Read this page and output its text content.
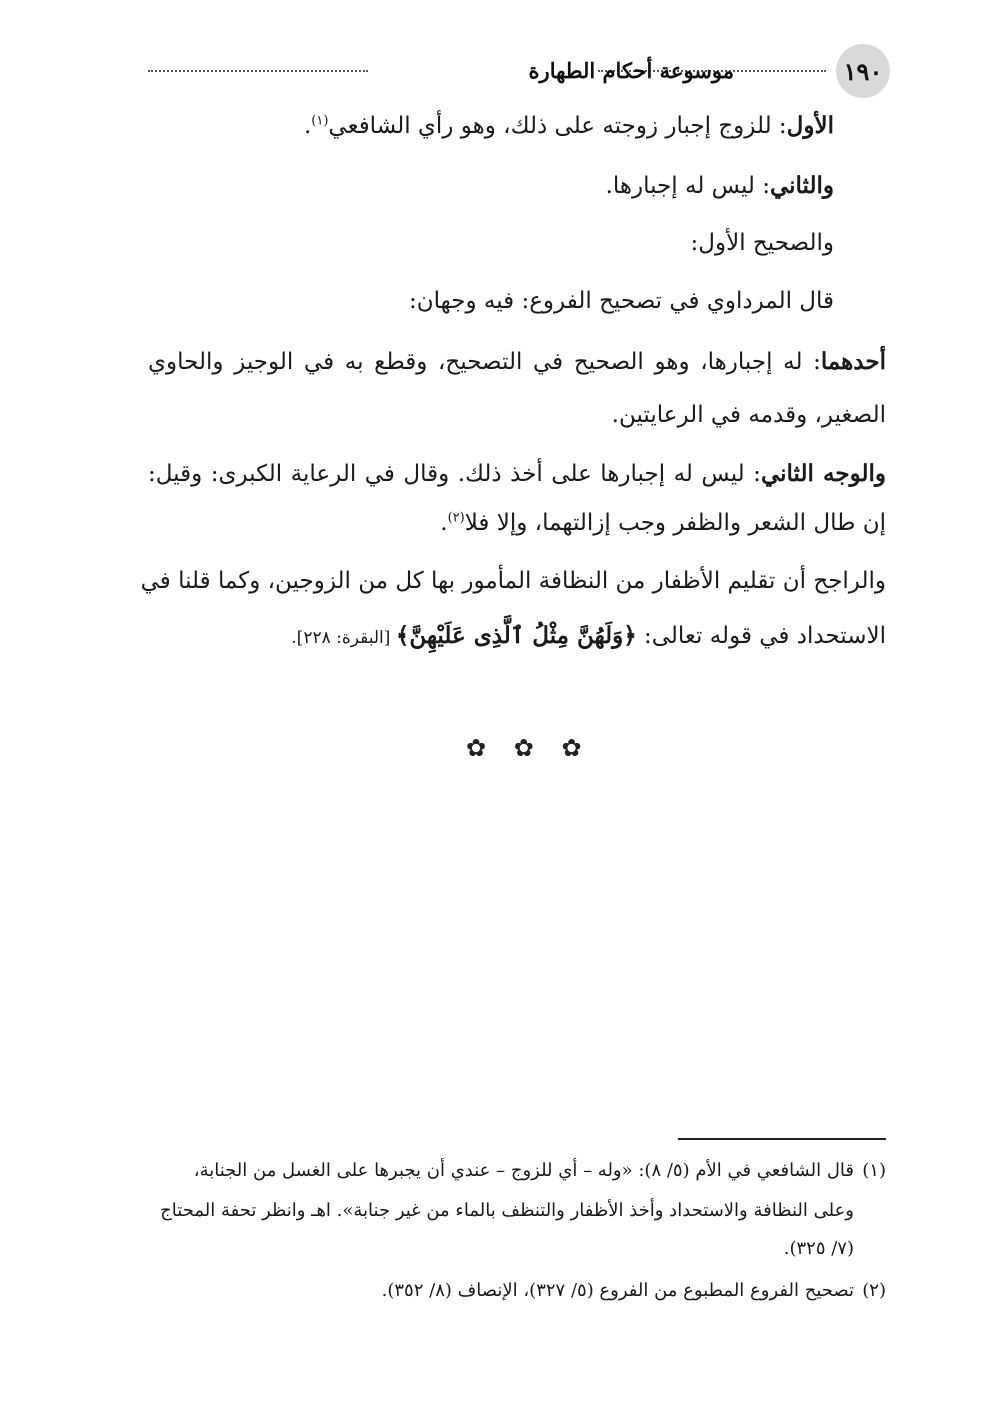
١٩٠
موسوعة أحكام الطهارة
الأول: للزوج إجبار زوجته على ذلك، وهو رأي الشافعي$^{(١)}$.
والثاني: ليس له إجبارها.
والصحيح الأول:
قال المرداوي في تصحيح الفروع: فيه وجهان:
أحدهما: له إجبارها، وهو الصحيح في التصحيح، وقطع به في الوجيز والحاوي
الصغير، وقدمه في الرعايتين.
والوجه الثاني: ليس له إجبارها على أخذ ذلك. وقال في الرعاية الكبرى: وقيل:
إن طال الشعر والظفر وجب إزالتهما، وإلا فلا$^{(٢)}$.
والراجح أن تقليم الأظفار من النظافة المأمور بها كل من الزوجين، وكما قلنا في
الاستحداد في قوله تعالى: ﴿وَلَهُنَّ مِثْلُ ٱلَّذِى عَلَيْهِنَّ﴾ [البقرة: ٢٢٨].
✿ ✿ ✿
(١)قال الشافعي في الأم (٥/ ٨): «وله – أي للزوج – عندي أن يجبرها على الغسل من الجنابة،
وعلى النظافة والاستحداد وأخذ الأظفار والتنظف بالماء من غير جنابة». اهـ وانظر تحفة المحتاج
(٧/ ٣٢٥).
(٢)تصحيح الفروع المطبوع من الفروع (٥/ ٣٢٧)، الإنصاف (٨/ ٣٥٢).
